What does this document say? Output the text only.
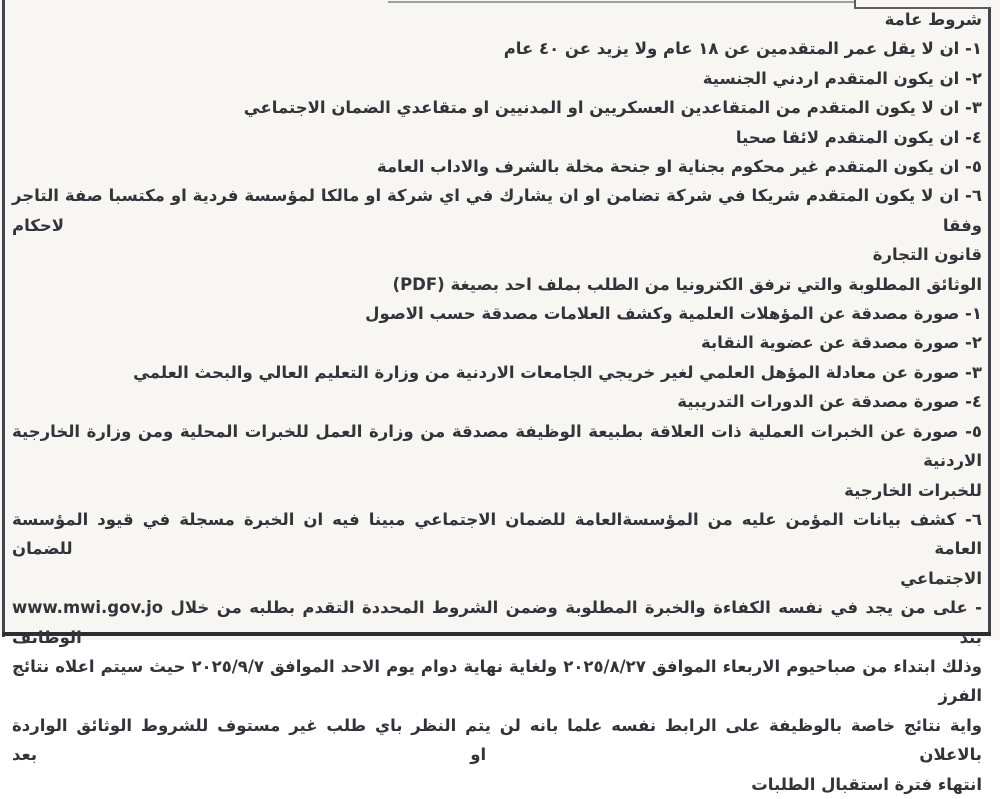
شروط عامة
١- ان لا يقل عمر المتقدمين عن ١٨ عام ولا يزيد عن ٤٠ عام
٢- ان يكون المتقدم اردني الجنسية
٣- ان لا يكون المتقدم من المتقاعدين العسكريين او المدنيين او متقاعدي الضمان الاجتماعي
٤- ان يكون المتقدم لائقا صحيا
٥- ان يكون المتقدم غير محكوم بجناية او جنحة مخلة بالشرف والاداب العامة
٦- ان لا يكون المتقدم شريكا في شركة تضامن او ان يشارك في اي شركة او مالكا لمؤسسة فردية او مكتسبا صفة التاجر وفقا لاحكام
قانون التجارة
الوثائق المطلوبة والتي ترفق الكترونيا من الطلب بملف احد بصيغة (PDF)
١- صورة مصدقة عن المؤهلات العلمية وكشف العلامات مصدقة حسب الاصول
٢- صورة مصدقة عن عضوية النقابة
٣- صورة عن معادلة المؤهل العلمي لغير خريجي الجامعات الاردنية من وزارة التعليم العالي والبحث العلمي
٤- صورة مصدقة عن الدورات التدريبية
٥- صورة عن الخبرات العملية ذات العلاقة بطبيعة الوظيفة مصدقة من وزارة العمل للخبرات المحلية ومن وزارة الخارجية الاردنية
للخبرات الخارجية
٦- كشف بيانات المؤمن عليه من المؤسسةالعامة للضمان الاجتماعي مبينا فيه ان الخبرة مسجلة في قيود المؤسسة العامة للضمان
الاجتماعي
- على من يجد في نفسه الكفاءة والخبرة المطلوبة وضمن الشروط المحددة التقدم بطلبه من خلال www.mwi.gov.jo بند الوظائف
وذلك ابتداء من صباحيوم الاربعاء الموافق ٢٠٢٥/٨/٢٧ ولغاية نهاية دوام يوم الاحد الموافق ٢٠٢٥/٩/٧ حيث سيتم اعلاه نتائج الفرز
واية نتائج خاصة بالوظيفة على الرابط نفسه علما بانه لن يتم النظر باي طلب غير مستوف للشروط الوثائق الواردة بالاعلان او بعد
انتهاء فترة استقبال الطلبات
